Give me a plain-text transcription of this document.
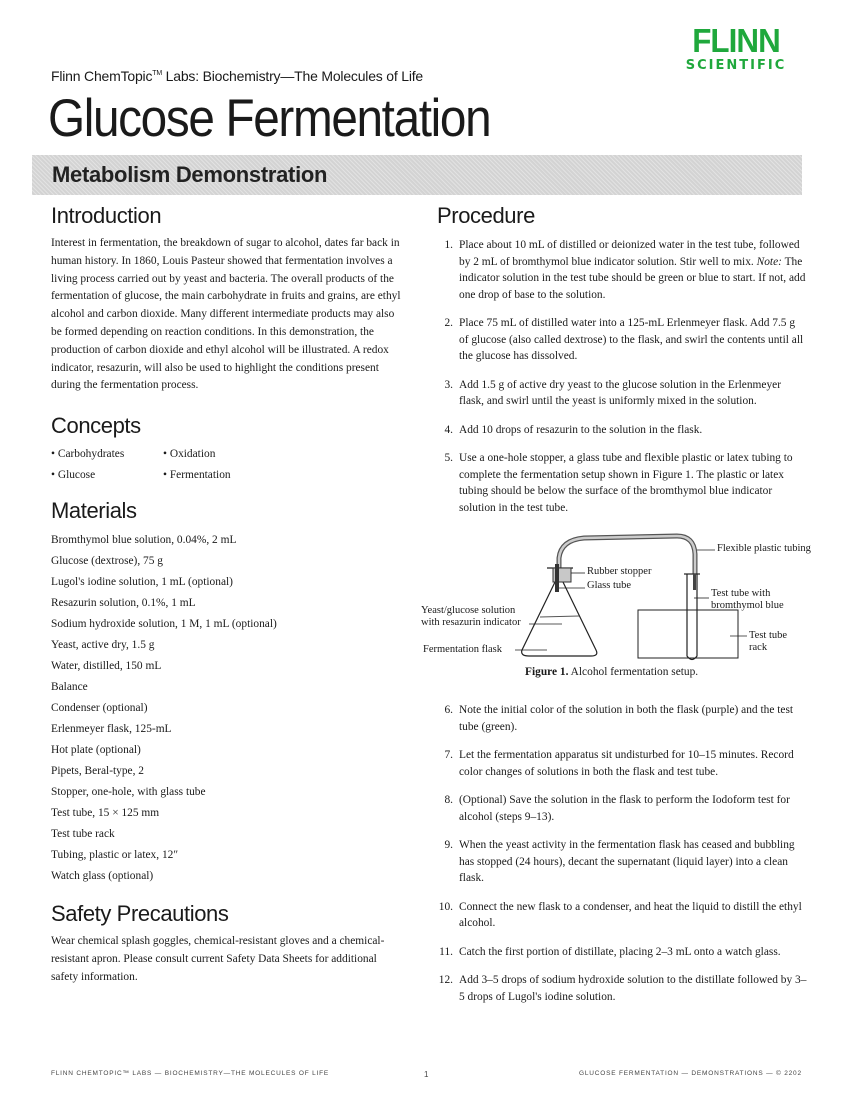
FLINN
SCIENTIFIC
Flinn ChemTopic™ Labs: Biochemistry—The Molecules of Life
Glucose Fermentation
Metabolism Demonstration
Introduction

Interest in fermentation, the breakdown of sugar to alcohol, dates far back in human history. In 1860, Louis Pasteur showed that fermentation involves a living process carried out by yeast and bacteria. The overall products of the fermentation of glucose, the main carbohydrate in fruits and grains, are ethyl alcohol and carbon dioxide. Many different intermediate products may also be formed depending on reaction conditions. In this demonstration, the production of carbon dioxide and ethyl alcohol will be illustrated. A redox indicator, resazurin, will also be used to highlight the conditions present during the fermentation process.

Concepts
• Carbohydrates	• Oxidation
• Glucose	• Fermentation
Materials
Bromthymol blue solution, 0.04%, 2 mL
Glucose (dextrose), 75 g
Lugol's iodine solution, 1 mL (optional)
Resazurin solution, 0.1%, 1 mL
Sodium hydroxide solution, 1 M, 1 mL (optional)
Yeast, active dry, 1.5 g
Water, distilled, 150 mL
Balance
Condenser (optional)
Erlenmeyer flask, 125-mL
Hot plate (optional)
Pipets, Beral-type, 2
Stopper, one-hole, with glass tube
Test tube, 15 × 125 mm
Test tube rack
Tubing, plastic or latex, 12″
Watch glass (optional)
Safety Precautions

Wear chemical splash goggles, chemical-resistant gloves and a chemical-resistant apron. Please consult current Safety Data Sheets for additional safety information.

Procedure
1. Place about 10 mL of distilled or deionized water in the test tube, followed by 2 mL of bromthymol blue indicator solution. Stir well to mix. Note: The indicator solution in the test tube should be green or blue to start. If not, add one drop of base to the solution.
2. Place 75 mL of distilled water into a 125-mL Erlenmeyer flask. Add 7.5 g of glucose (also called dextrose) to the flask, and swirl the contents until all the glucose has dissolved.
3. Add 1.5 g of active dry yeast to the glucose solution in the Erlenmeyer flask, and swirl until the yeast is uniformly mixed in the solution.
4. Add 10 drops of resazurin to the solution in the flask.
5. Use a one-hole stopper, a glass tube and flexible plastic or latex tubing to complete the fermentation setup shown in Figure 1. The plastic or latex tubing should be below the surface of the bromthymol blue indicator solution in the test tube.
Flexible plastic tubing
Rubber stopper
Glass tube
Test tube with
bromthymol blue
Yeast/glucose solution
with resazurin indicator
Fermentation flask
Test tube
rack
Figure 1. Alcohol fermentation setup.
6. Note the initial color of the solution in both the flask (purple) and the test tube (green).
7. Let the fermentation apparatus sit undisturbed for 10–15 minutes. Record color changes of solutions in both the flask and test tube.
8. (Optional) Save the solution in the flask to perform the Iodoform test for alcohol (steps 9–13).
9. When the yeast activity in the fermentation flask has ceased and bubbling has stopped (24 hours), decant the supernatant (liquid layer) into a clean flask.
10. Connect the new flask to a condenser, and heat the liquid to distill the ethyl alcohol.
11. Catch the first portion of distillate, placing 2–3 mL onto a watch glass.
12. Add 3–5 drops of sodium hydroxide solution to the distillate followed by 3–5 drops of Lugol's iodine solution.
FLINN CHEMTOPIC™ LABS — BIOCHEMISTRY—THE MOLECULES OF LIFE	1	GLUCOSE FERMENTATION — DEMONSTRATIONS — © 2202
